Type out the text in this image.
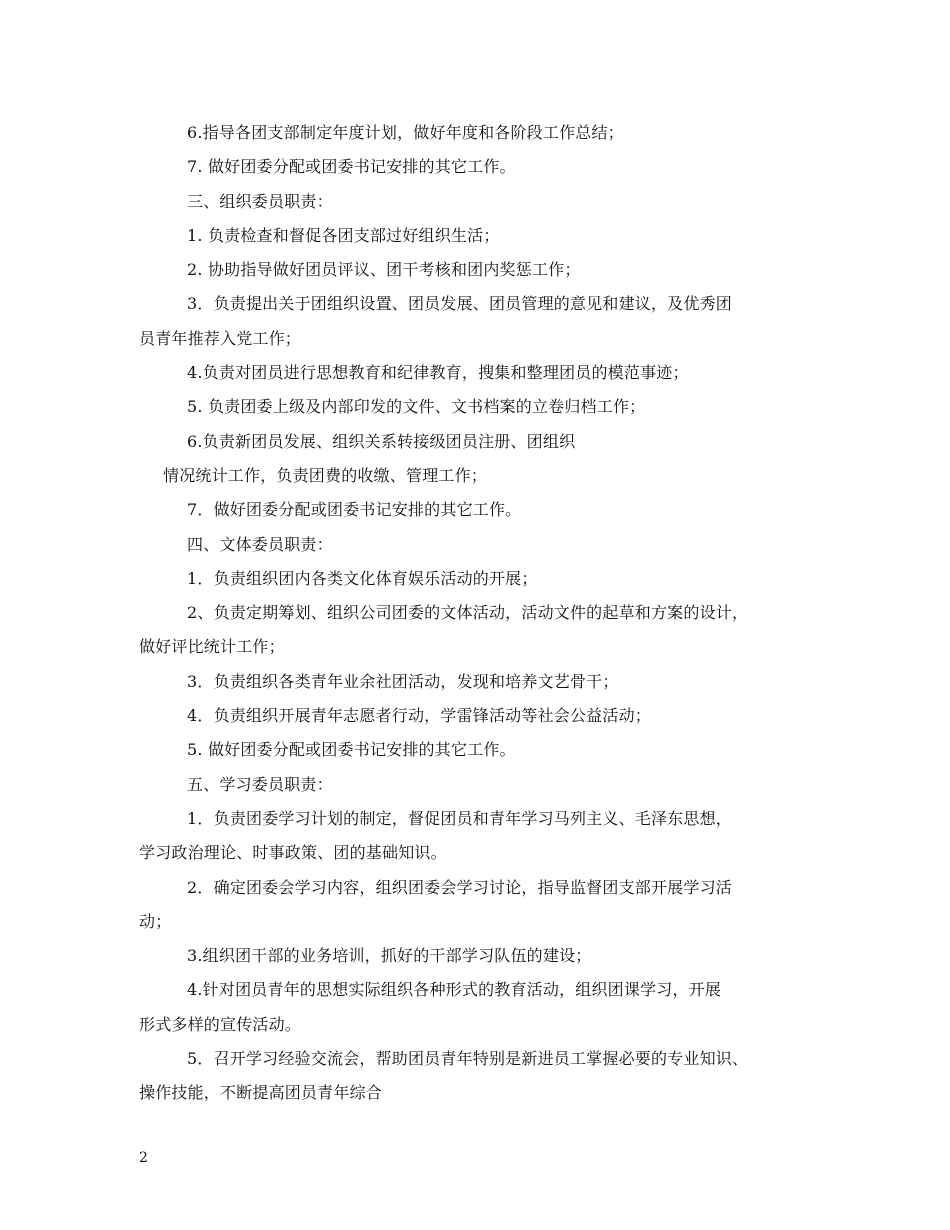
6.指导各团支部制定年度计划，做好年度和各阶段工作总结；
7. 做好团委分配或团委书记安排的其它工作。
三、组织委员职责：
1. 负责检查和督促各团支部过好组织生活；
2. 协助指导做好团员评议、团干考核和团内奖惩工作；
3．负责提出关于团组织设置、团员发展、团员管理的意见和建议，及优秀团
员青年推荐入党工作；
4.负责对团员进行思想教育和纪律教育，搜集和整理团员的模范事迹；
5. 负责团委上级及内部印发的文件、文书档案的立卷归档工作；
6.负责新团员发展、组织关系转接级团员注册、团组织
情况统计工作，负责团费的收缴、管理工作；
7．做好团委分配或团委书记安排的其它工作。
四、文体委员职责：
1．负责组织团内各类文化体育娱乐活动的开展；
2、负责定期筹划、组织公司团委的文体活动，活动文件的起草和方案的设计，
做好评比统计工作；
3．负责组织各类青年业余社团活动，发现和培养文艺骨干；
4．负责组织开展青年志愿者行动，学雷锋活动等社会公益活动；
5. 做好团委分配或团委书记安排的其它工作。
五、学习委员职责：
1．负责团委学习计划的制定，督促团员和青年学习马列主义、毛泽东思想，
学习政治理论、时事政策、团的基础知识。
2．确定团委会学习内容，组织团委会学习讨论，指导监督团支部开展学习活
动；
3.组织团干部的业务培训，抓好的干部学习队伍的建设；
4.针对团员青年的思想实际组织各种形式的教育活动，组织团课学习，开展
形式多样的宣传活动。
5．召开学习经验交流会，帮助团员青年特别是新进员工掌握必要的专业知识、
操作技能，不断提高团员青年综合
2
